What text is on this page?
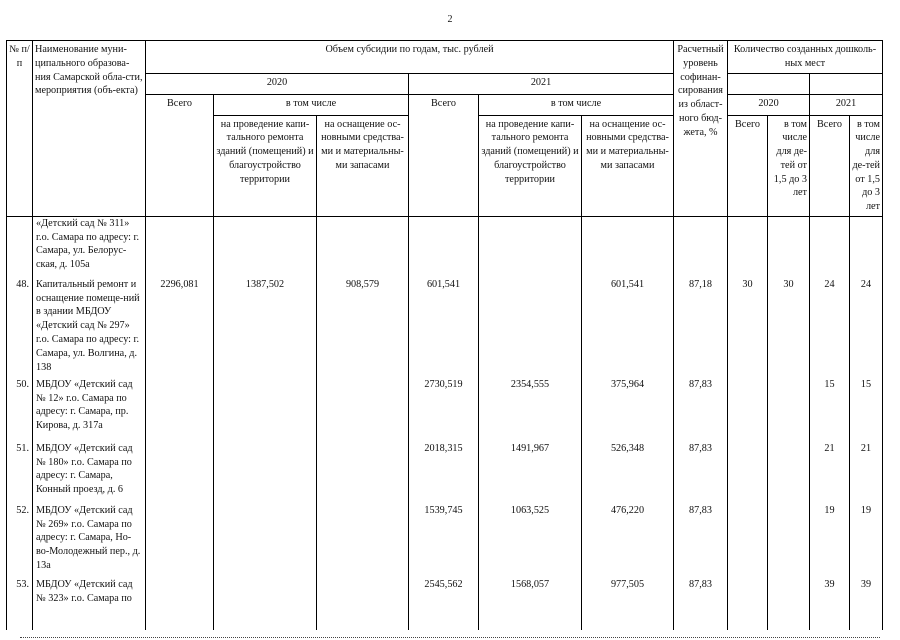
2
№ п/п	Наименование муни-ципального образова-ния Самарской обла-сти, мероприятия (объ-екта)	Объем субсидии по годам, тыс. рублей						Расчетный уровень софинан-сирования из област-ного бюд-жета, %	Количество созданных дошколь-ных мест			
		2020			2021							
		Всего	в том числе		Всего	в том числе			2020		2021	
			на проведение капи-тального ремонта зданий (помещений) и благоустройство территории	на оснащение ос-новными средства-ми и материальны-ми запасами		на проведение капи-тального ремонта зданий (помещений) и благоустройство территории	на оснащение ос-новными средства-ми и материальны-ми запасами		Всего	в том числе для де-тей от 1,5 до 3 лет	Всего	в том числе для де-тей от 1,5 до 3 лет
	«Детский сад № 311» г.о. Самара по адресу: г. Самара, ул. Белорус-ская, д. 105а											

48.	Капитальный ремонт и оснащение помеще-ний в здании МБДОУ «Детский сад № 297» г.о. Самара по адресу: г. Самара, ул. Волгина, д. 138	2296,081	1387,502	908,579	601,541		601,541	87,18	30	30	24	24
50.	МБДОУ «Детский сад № 12» г.о. Самара по адресу: г. Самара, пр. Кирова, д. 317а				2730,519	2354,555	375,964	87,83			15	15
51.	МБДОУ «Детский сад № 180» г.о. Самара по адресу: г. Самара, Конный проезд, д. 6				2018,315	1491,967	526,348	87,83			21	21
52.	МБДОУ «Детский сад № 269» г.о. Самара по адресу: г. Самара, Но-во-Молодежный пер., д. 13а				1539,745	1063,525	476,220	87,83			19	19
53.	МБДОУ «Детский сад № 323» г.о. Самара по				2545,562	1568,057	977,505	87,83			39	39
